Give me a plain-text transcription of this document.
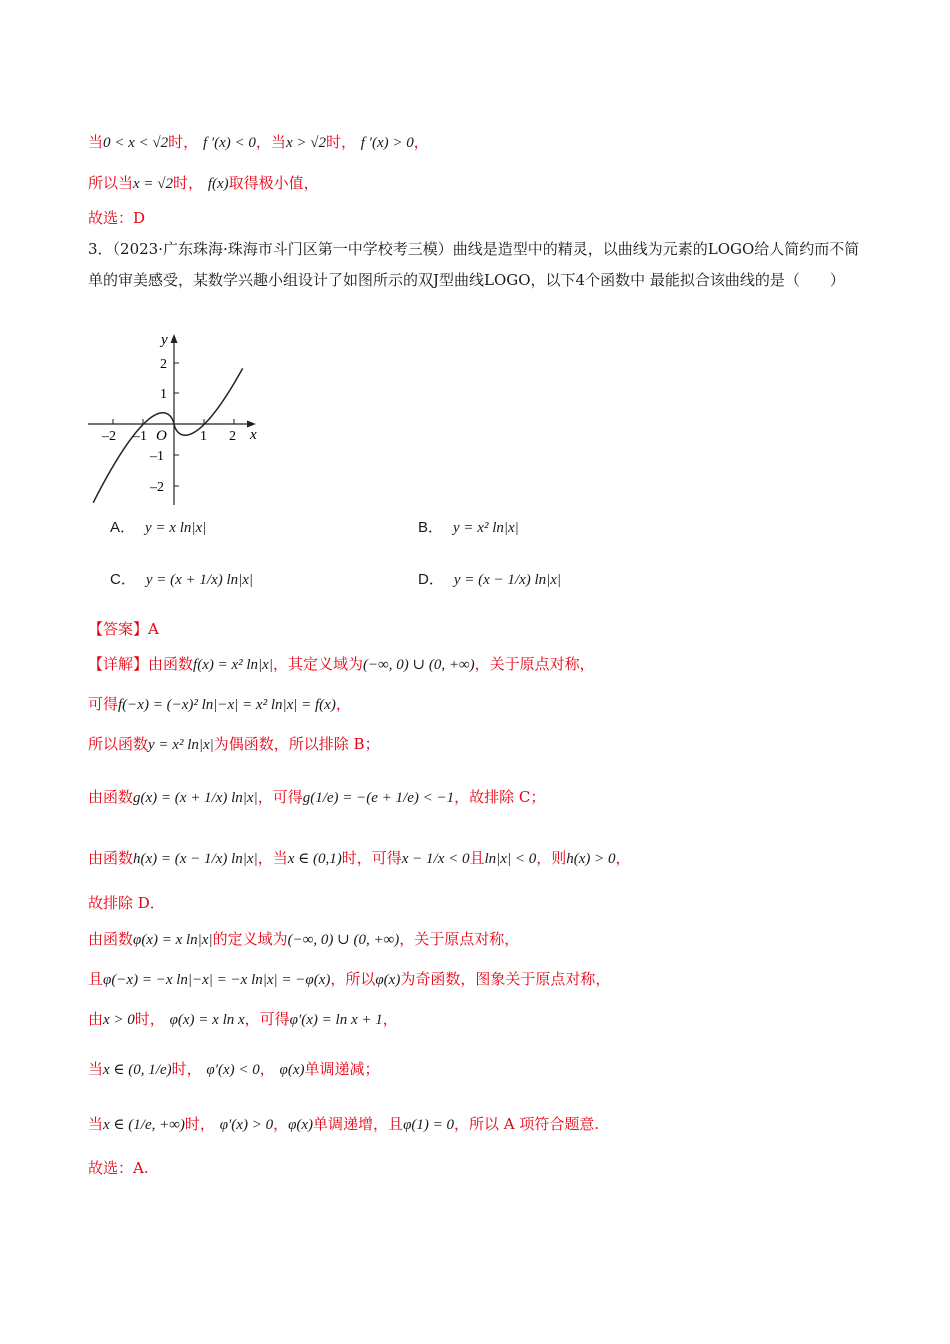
当0 < x < √2时， f ′(x) < 0，当x > √2时， f ′(x) > 0，
所以当x = √2时， f(x)取得极小值，
故选：D
3．（2023·广东珠海·珠海市斗门区第一中学校考三模）曲线是造型中的精灵，以曲线为元素的LOGO给人简约而不简单的审美感受，某数学兴趣小组设计了如图所示的双J型曲线LOGO，以下4个函数中 最能拟合该曲线的是（　　）
y
x
O
–2 –1	1 2
2
1
–1
–2
A． y = x ln|x|	B． y = x² ln|x|
C． y = (x + 1/x) ln|x|	D． y = (x − 1/x) ln|x|
【答案】A
【详解】由函数f(x) = x² ln|x|，其定义域为(−∞, 0) ∪ (0, +∞)，关于原点对称，
可得f(−x) = (−x)² ln|−x| = x² ln|x| = f(x)，
所以函数y = x² ln|x|为偶函数，所以排除 B；
由函数g(x) = (x + 1/x) ln|x|，可得g(1/e) = −(e + 1/e) < −1，故排除 C；
由函数h(x) = (x − 1/x) ln|x|，当x ∈ (0,1)时，可得x − 1/x < 0且ln|x| < 0，则h(x) > 0，
故排除 D．
由函数φ(x) = x ln|x|的定义域为(−∞, 0) ∪ (0, +∞)，关于原点对称，
且φ(−x) = −x ln|−x| = −x ln|x| = −φ(x)，所以φ(x)为奇函数，图象关于原点对称，
由x > 0时， φ(x) = x ln x，可得φ′(x) = ln x + 1，
当x ∈ (0, 1/e)时， φ′(x) < 0， φ(x)单调递减；
当x ∈ (1/e, +∞)时， φ′(x) > 0，φ(x)单调递增，且φ(1) = 0，所以 A 项符合题意.
故选：A.
